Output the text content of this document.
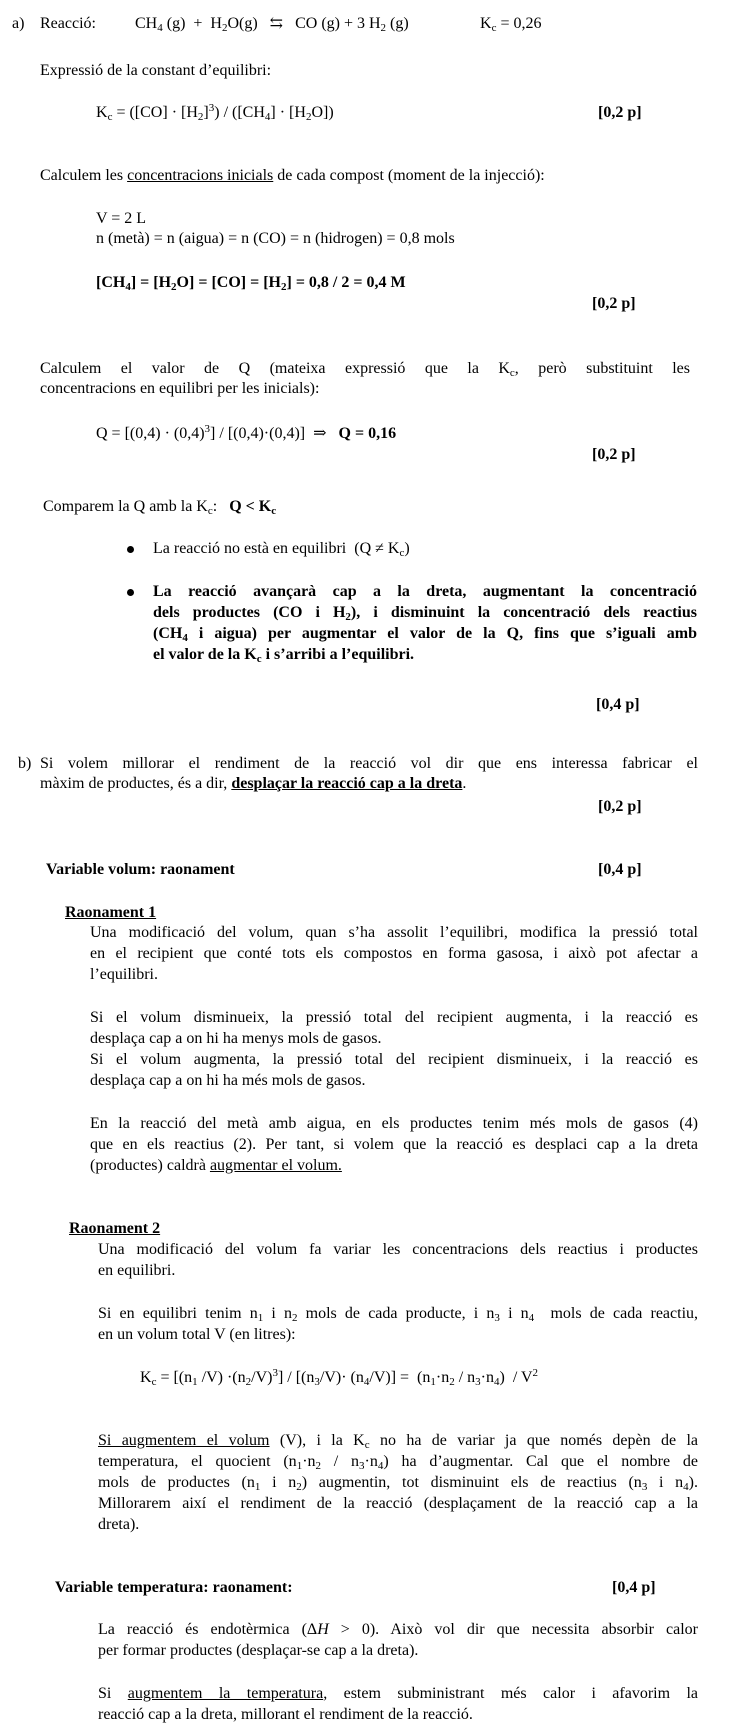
a) Reacció: $CH_4$ $(g) + H_2O(g)$   ⇆   CO (g) + 3 $H_2$ (g)	$K_c = 0,26$
Expressió de la constant d’equilibri:
$K_c = ([CO] \cdot [H_2]^3) / ([CH_4] \cdot [H_2O])$	[0,2 p]
Calculem les concentracions inicials de cada compost (moment de la injecció):
V = 2 L
n (metà) = n (aigua) = n (CO) = n (hidrogen) = 0,8 mols
$[CH_4] = [H_2O] = [CO] = [H_2] = 0,8 / 2 = 0,4$ M
[0,2 p]
Calculem el valor de Q (mateixa expressió que la $K_c$, però substituint les
concentracions en equilibri per les inicials):
$Q = [(0,4) \cdot (0,4)^3] / [(0,4)\cdot(0,4)]$  ⇒   Q = 0,16
[0,2 p]
Comparem la Q amb la $K_c$:   $Q < K_c$
La reacció no està en equilibri  $(Q \ne K_c)$
La reacció avançarà cap a la dreta, augmentant la concentració
dels productes (CO i $H_2$), i disminuint la concentració dels reactius
($CH_4$ i aigua) per augmentar el valor de la Q, fins que s’iguali amb
el valor de la $K_c$ i s’arribi a l’equilibri.
[0,4 p]
b) Si volem millorar el rendiment de la reacció vol dir que ens interessa fabricar el
màxim de productes, és a dir, desplaçar la reacció cap a la dreta.
[0,2 p]
Variable volum: raonament	[0,4 p]
Raonament 1
Una modificació del volum, quan s’ha assolit l’equilibri, modifica la pressió total
en el recipient que conté tots els compostos en forma gasosa, i això pot afectar a
l’equilibri.
Si el volum disminueix, la pressió total del recipient augmenta, i la reacció es
desplaça cap a on hi ha menys mols de gasos.
Si el volum augmenta, la pressió total del recipient disminueix, i la reacció es
desplaça cap a on hi ha més mols de gasos.
En la reacció del metà amb aigua, en els productes tenim més mols de gasos (4)
que en els reactius (2). Per tant, si volem que la reacció es desplaci cap a la dreta
(productes) caldrà augmentar el volum.
Raonament 2
Una modificació del volum fa variar les concentracions dels reactius i productes
en equilibri.
Si en equilibri tenim $n_1$ i $n_2$ mols de cada producte, i $n_3$ i $n_4$  mols de cada reactiu,
en un volum total V (en litres):
$K_c = [(n_1$ $/V) \cdot(n_2/V)^3] / [(n_3/V)\cdot (n_4/V)] = (n_1\cdot n_2 / n_3\cdot n_4) / V^2$
Si augmentem el volum (V), i la $K_c$ no ha de variar ja que només depèn de la
temperatura, el quocient $(n_1\cdot n_2 / n_3\cdot n_4)$ ha d’augmentar. Cal que el nombre de
mols de productes ($n_1$ i $n_2$) augmentin, tot disminuint els de reactius ($n_3$ i $n_4$).
Millorarem així el rendiment de la reacció (desplaçament de la reacció cap a la
dreta).
Variable temperatura: raonament:	[0,4 p]
La reacció és endotèrmica (ΔH > 0). Això vol dir que necessita absorbir calor
per formar productes (desplaçar-se cap a la dreta).
Si augmentem la temperatura, estem subministrant més calor i afavorim la
reacció cap a la dreta, millorant el rendiment de la reacció.
